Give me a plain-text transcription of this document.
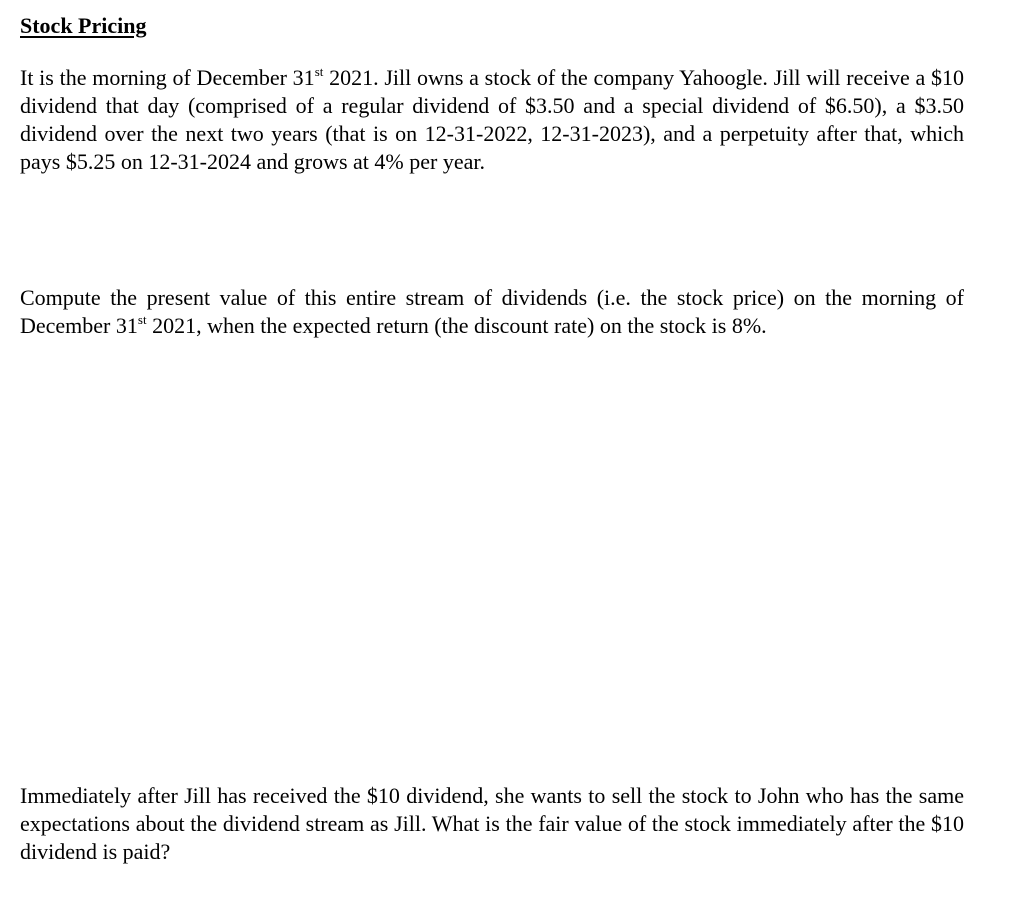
Stock Pricing

It is the morning of December 31st 2021. Jill owns a stock of the company Yahoogle. Jill will receive a $10 dividend that day (comprised of a regular dividend of $3.50 and a special dividend of $6.50), a $3.50 dividend over the next two years (that is on 12-31-2022, 12-31-2023), and a perpetuity after that, which pays $5.25 on 12-31-2024 and grows at 4% per year.

Compute the present value of this entire stream of dividends (i.e. the stock price) on the morning of December 31st 2021, when the expected return (the discount rate) on the stock is 8%.

Immediately after Jill has received the $10 dividend, she wants to sell the stock to John who has the same expectations about the dividend stream as Jill. What is the fair value of the stock immediately after the $10 dividend is paid?
